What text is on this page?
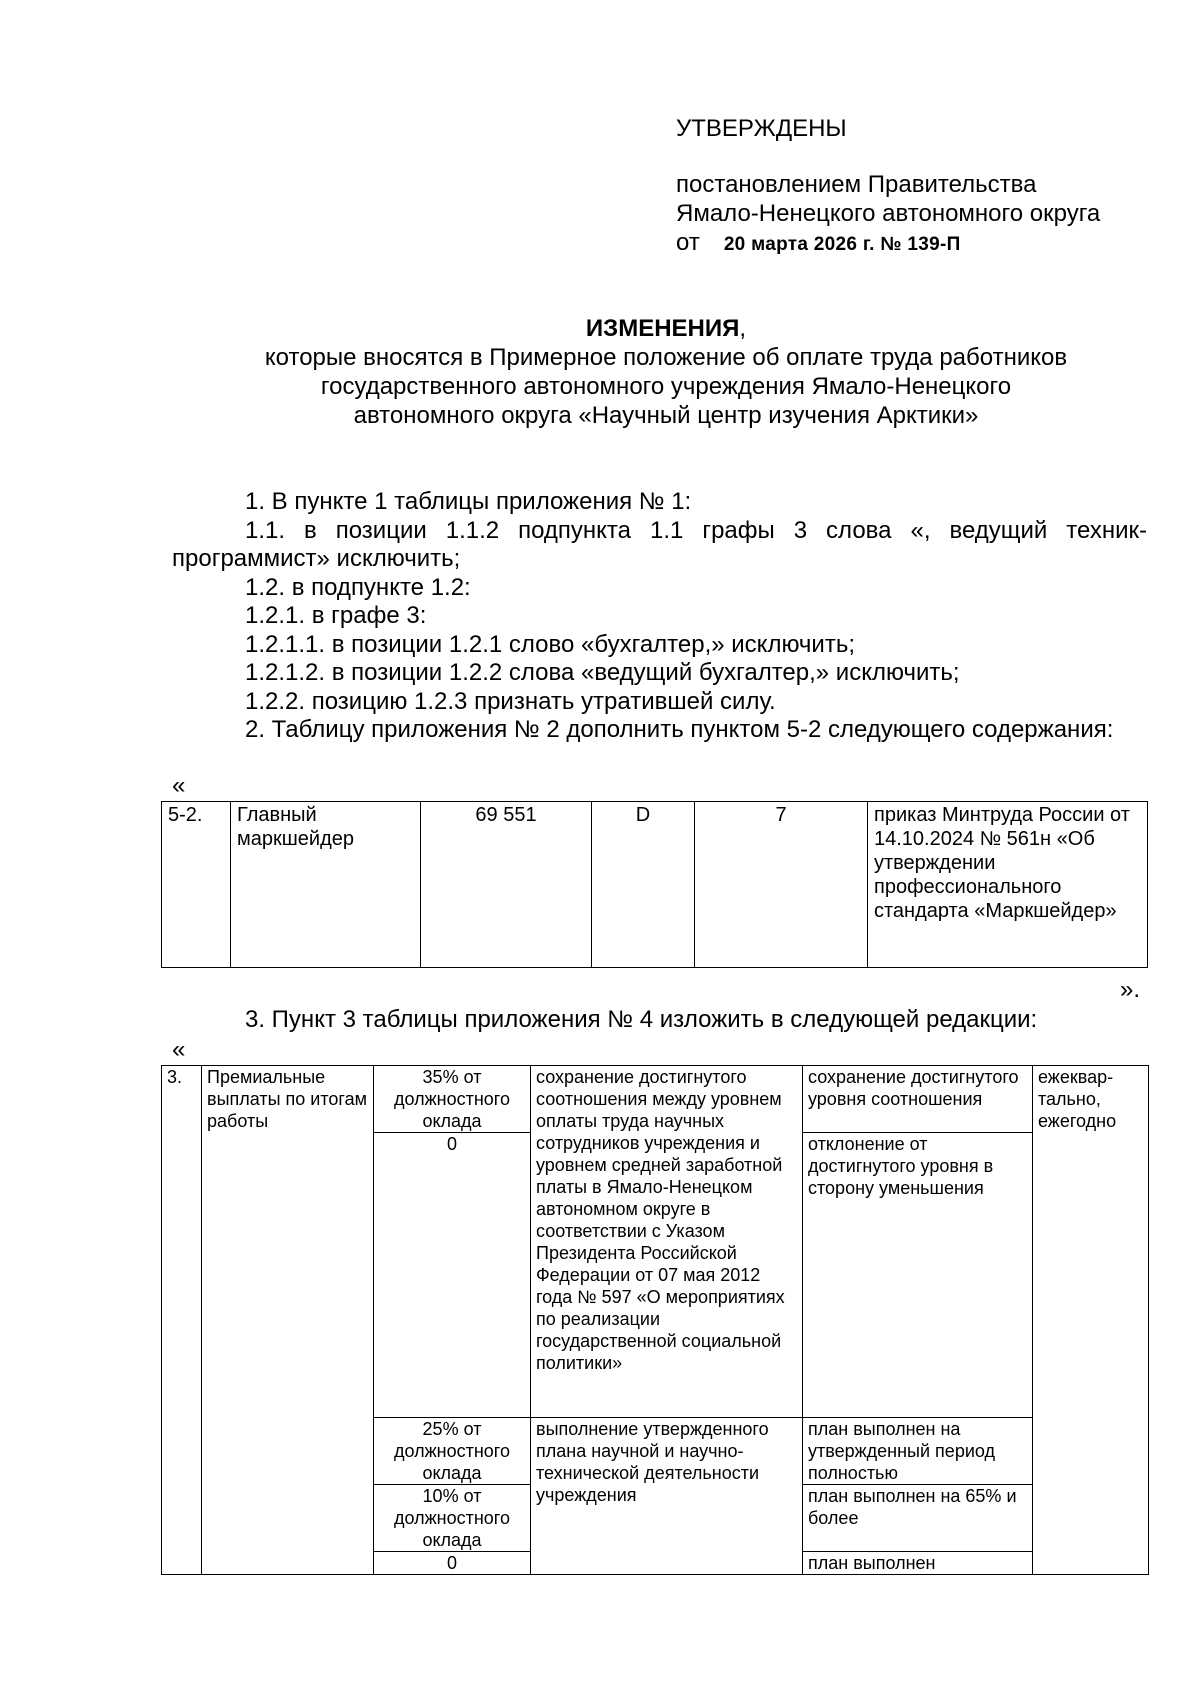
УТВЕРЖДЕНЫ
постановлением Правительства
Ямало-Ненецкого автономного округа
от 20 марта 2026 г. № 139-П
ИЗМЕНЕНИЯ,
которые вносятся в Примерное положение об оплате труда работников
государственного автономного учреждения Ямало-Ненецкого
автономного округа «Научный центр изучения Арктики»

1. В пункте 1 таблицы приложения № 1:

1.1. в позиции 1.1.2 подпункта 1.1 графы 3 слова «, ведущий техник-программист» исключить;

1.2. в подпункте 1.2:

1.2.1. в графе 3:

1.2.1.1. в позиции 1.2.1 слово «бухгалтер,» исключить;

1.2.1.2. в позиции 1.2.2 слова «ведущий бухгалтер,» исключить;

1.2.2. позицию 1.2.3 признать утратившей силу.

2. Таблицу приложения № 2 дополнить пунктом 5-2 следующего содержания:

«
5-2.	Главный маркшейдер	69 551	D	7	приказ Минтруда России от 14.10.2024 № 561н «Об утверждении профессионального стандарта «Маркшейдер»
».
3. Пункт 3 таблицы приложения № 4 изложить в следующей редакции:
«
3.	Премиальные выплаты по итогам работы	35% от должностного оклада	сохранение достигнутого соотношения между уровнем оплаты труда научных сотрудников учреждения и уровнем средней заработной платы в Ямало-Ненецком автономном округе в соответствии с Указом Президента Российской Федерации от 07 мая 2012 года № 597 «О мероприятиях по реализации государственной социальной политики»	сохранение достигнутого уровня соотношения	ежеквар-тально, ежегодно
		0		отклонение от достигнутого уровня в сторону уменьшения	
		25% от должностного оклада	выполнение утвержденного плана научной и научно-технической деятельности учреждения	план выполнен на утвержденный период полностью	
		10% от должностного оклада		план выполнен на 65% и более	
		0		план выполнен	
